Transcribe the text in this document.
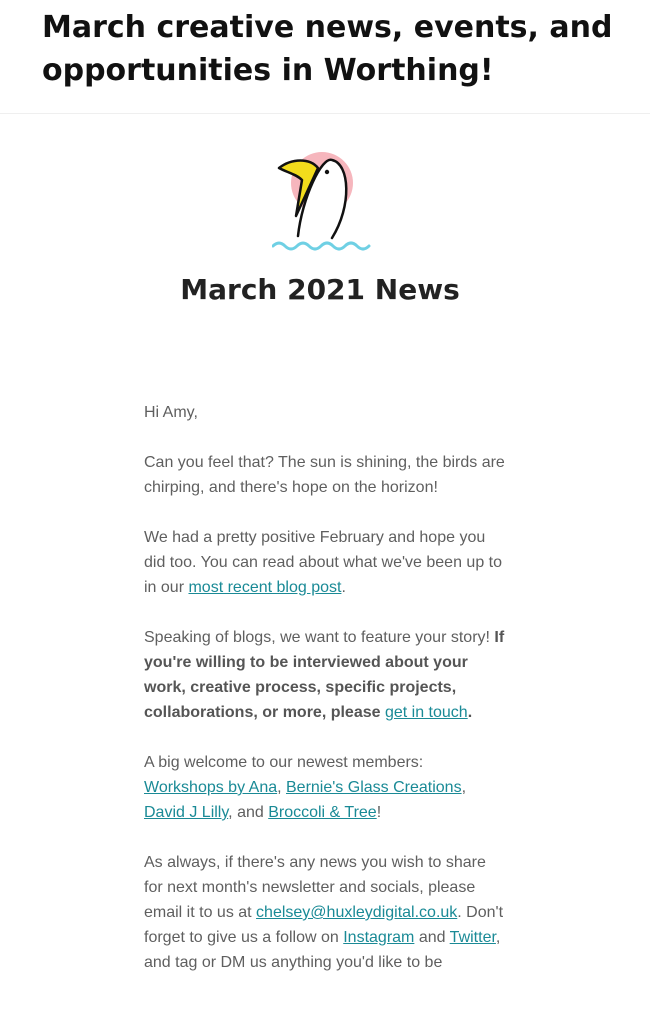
March creative news, events, and opportunities in Worthing!
March 2021 News

Hi Amy,

Can you feel that? The sun is shining, the birds are chirping, and there's hope on the horizon!

We had a pretty positive February and hope you did too. You can read about what we've been up to in our most recent blog post.

Speaking of blogs, we want to feature your story! If you're willing to be interviewed about your work, creative process, specific projects, collaborations, or more, please get in touch.

A big welcome to our newest members: Workshops by Ana, Bernie's Glass Creations, David J Lilly, and Broccoli & Tree!

As always, if there's any news you wish to share for next month's newsletter and socials, please email it to us at chelsey@huxleydigital.co.uk. Don't forget to give us a follow on Instagram and Twitter, and tag or DM us anything you'd like to be
